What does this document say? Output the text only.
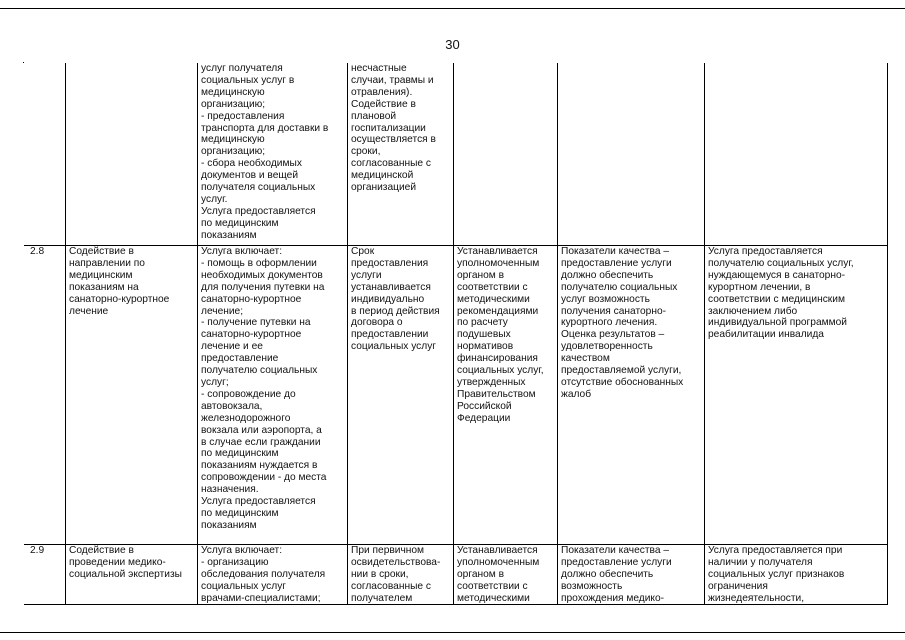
30
услуг получателя
социальных услуг в
медицинскую
организацию;
- предоставления
транспорта для доставки в
медицинскую
организацию;
- сбора необходимых
документов и вещей
получателя социальных
услуг.
Услуга предоставляется
по медицинским
показаниям
несчастные
случаи, травмы и
отравления).
Содействие в
плановой
госпитализации
осуществляется в
сроки,
согласованные с
медицинской
организацией
2.8	Содействие в
направлении по
медицинским
показаниям на
санаторно-курортное
лечение
Услуга включает:
- помощь в оформлении
необходимых документов
для получения путевки на
санаторно-курортное
лечение;
- получение путевки на
санаторно-курортное
лечение и ее
предоставление
получателю социальных
услуг;
- сопровождение до
автовокзала,
железнодорожного
вокзала или аэропорта, а
в случае если граждании
по медицинским
показаниям нуждается в
сопровождении - до места
назначения.
Услуга предоставляется
по медицинским
показаниям
Срок
предоставления
услуги
устанавливается
индивидуально
в период действия
договора о
предоставлении
социальных услуг
Устанавливается
уполномоченным
органом в
соответствии с
методическими
рекомендациями
по расчету
подушевых
нормативов
финансирования
социальных услуг,
утвержденных
Правительством
Российской
Федерации
Показатели качества –
предоставление услуги
должно обеспечить
получателю социальных
услуг возможность
получения санаторно-
курортного лечения.
Оценка результатов –
удовлетворенность
качеством
предоставляемой услуги,
отсутствие обоснованных
жалоб
Услуга предоставляется
получателю социальных услуг,
нуждающемуся в санаторно-
курортном лечении, в
соответствии с медицинским
заключением либо
индивидуальной программой
реабилитации инвалида
2.9	Содействие в
проведении медико-
социальной экспертизы
Услуга включает:
- организацию
обследования получателя
социальных услуг
врачами-специалистами;
При первичном
освидетельствова-
нии в сроки,
согласованные с
получателем
Устанавливается
уполномоченным
органом в
соответствии с
методическими
Показатели качества –
предоставление услуги
должно обеспечить
возможность
прохождения медико-
Услуга предоставляется при
наличии у получателя
социальных услуг признаков
ограничения
жизнедеятельности,
